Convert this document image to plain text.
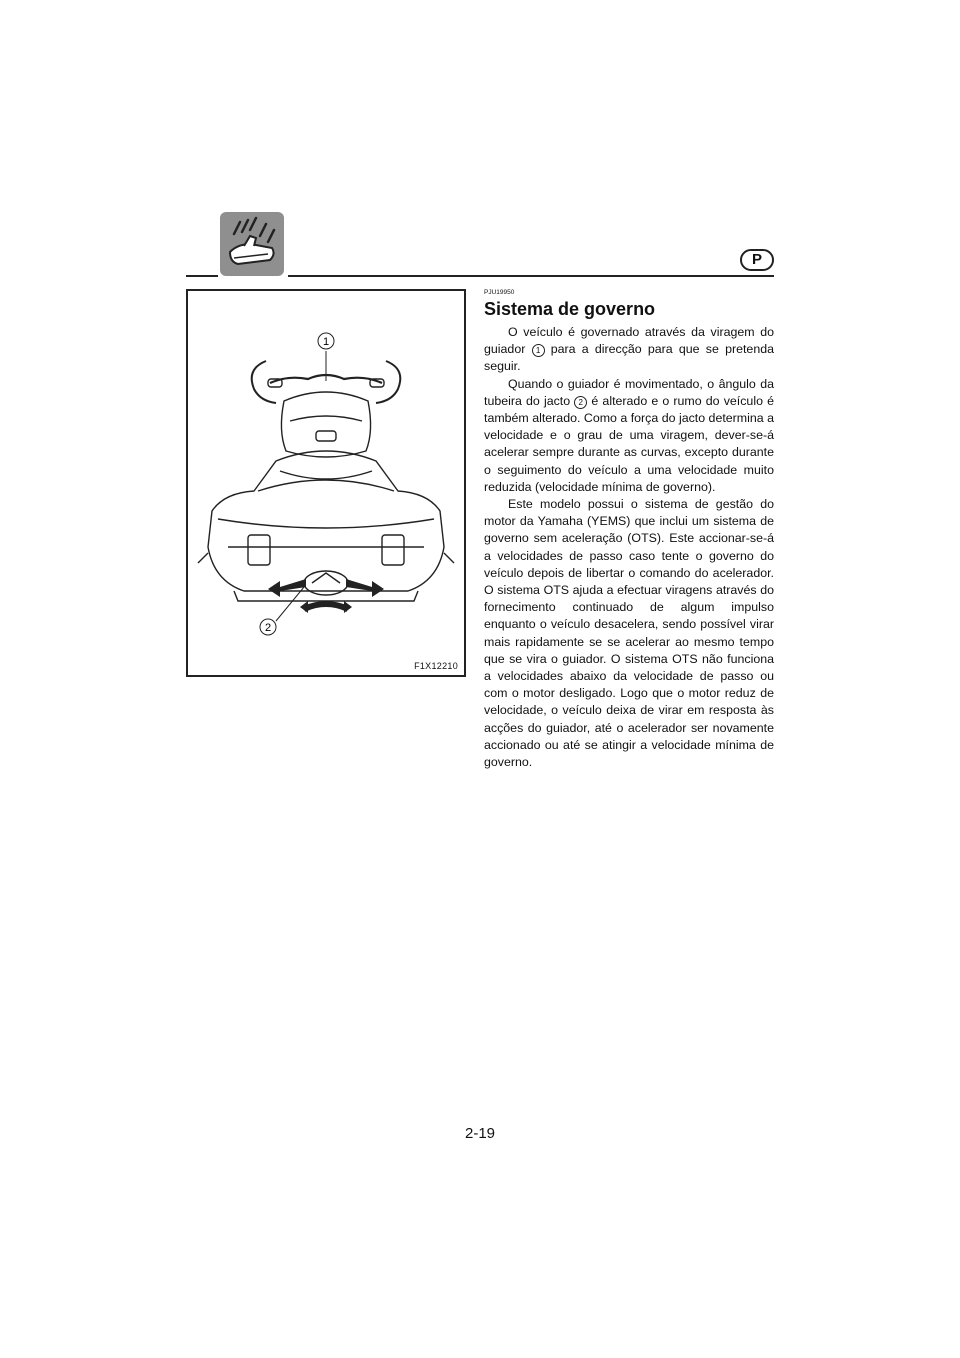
P
1
2
F1X12210

PJU19950

Sistema de governo

O veículo é governado através da viragem do guiador 1 para a direcção para que se pretenda seguir.

Quando o guiador é movimentado, o ângulo da tubeira do jacto 2 é alterado e o rumo do veículo é também alterado. Como a força do jacto determina a velocidade e o grau de uma viragem, dever-se-á acelerar sempre durante as curvas, excepto durante o seguimento do veículo a uma velocidade muito reduzida (velocidade mínima de governo).

Este modelo possui o sistema de gestão do motor da Yamaha (YEMS) que inclui um sistema de governo sem aceleração (OTS). Este accionar-se-á a velocidades de passo caso tente o governo do veículo depois de libertar o comando do acelerador. O sistema OTS ajuda a efectuar viragens através do fornecimento continuado de algum impulso enquanto o veículo desacelera, sendo possível virar mais rapidamente se se acelerar ao mesmo tempo que se vira o guiador. O sistema OTS não funciona a velocidades abaixo da velocidade de passo ou com o motor desligado. Logo que o motor reduz de velocidade, o veículo deixa de virar em resposta às acções do guiador, até o acelerador ser novamente accionado ou até se atingir a velocidade mínima de governo.

2-19
